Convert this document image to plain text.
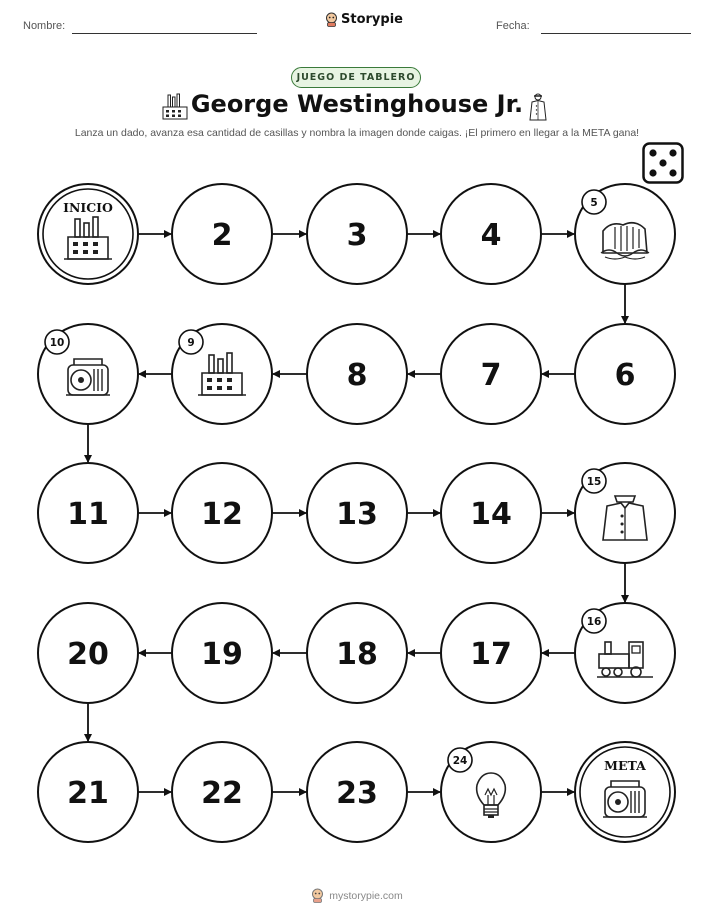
Nombre:	Storypie	Fecha:
JUEGO DE TABLERO
George Westinghouse Jr.
Lanza un dado, avanza esa cantidad de casillas y nombra la imagen donde caigas. ¡El primero en llegar a la META gana!
INICIO
2	3	4
5
6
7
8
9
10
11	12	13	14
15
16
17
18
19
20
21	22	23
24	META
mystorypie.com
